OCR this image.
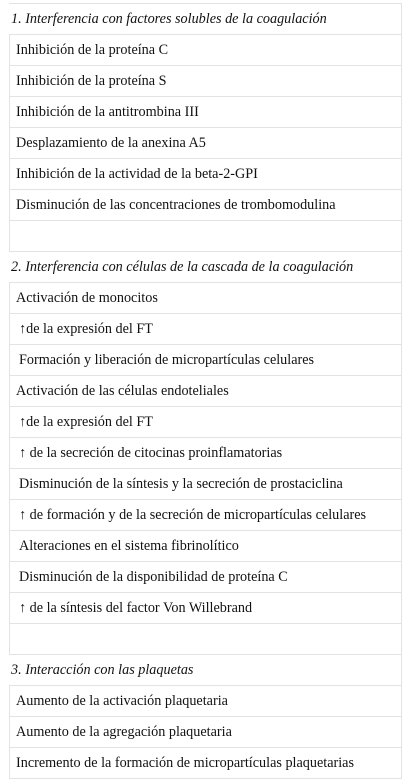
1. Interferencia con factores solubles de la coagulación
Inhibición de la proteína C
Inhibición de la proteína S
Inhibición de la antitrombina III
Desplazamiento de la anexina A5
Inhibición de la actividad de la beta-2-GPI
Disminución de las concentraciones de trombomodulina
2. Interferencia con células de la cascada de la coagulación
Activación de monocitos
↑de la expresión del FT
Formación y liberación de micropartículas celulares
Activación de las células endoteliales
↑de la expresión del FT
↑ de la secreción de citocinas proinflamatorias
Disminución de la síntesis y la secreción de prostaciclina
↑ de formación y de la secreción de micropartículas celulares
Alteraciones en el sistema fibrinolítico
Disminución de la disponibilidad de proteína C
↑ de la síntesis del factor Von Willebrand
3. Interacción con las plaquetas
Aumento de la activación plaquetaria
Aumento de la agregación plaquetaria
Incremento de la formación de micropartículas plaquetarias
